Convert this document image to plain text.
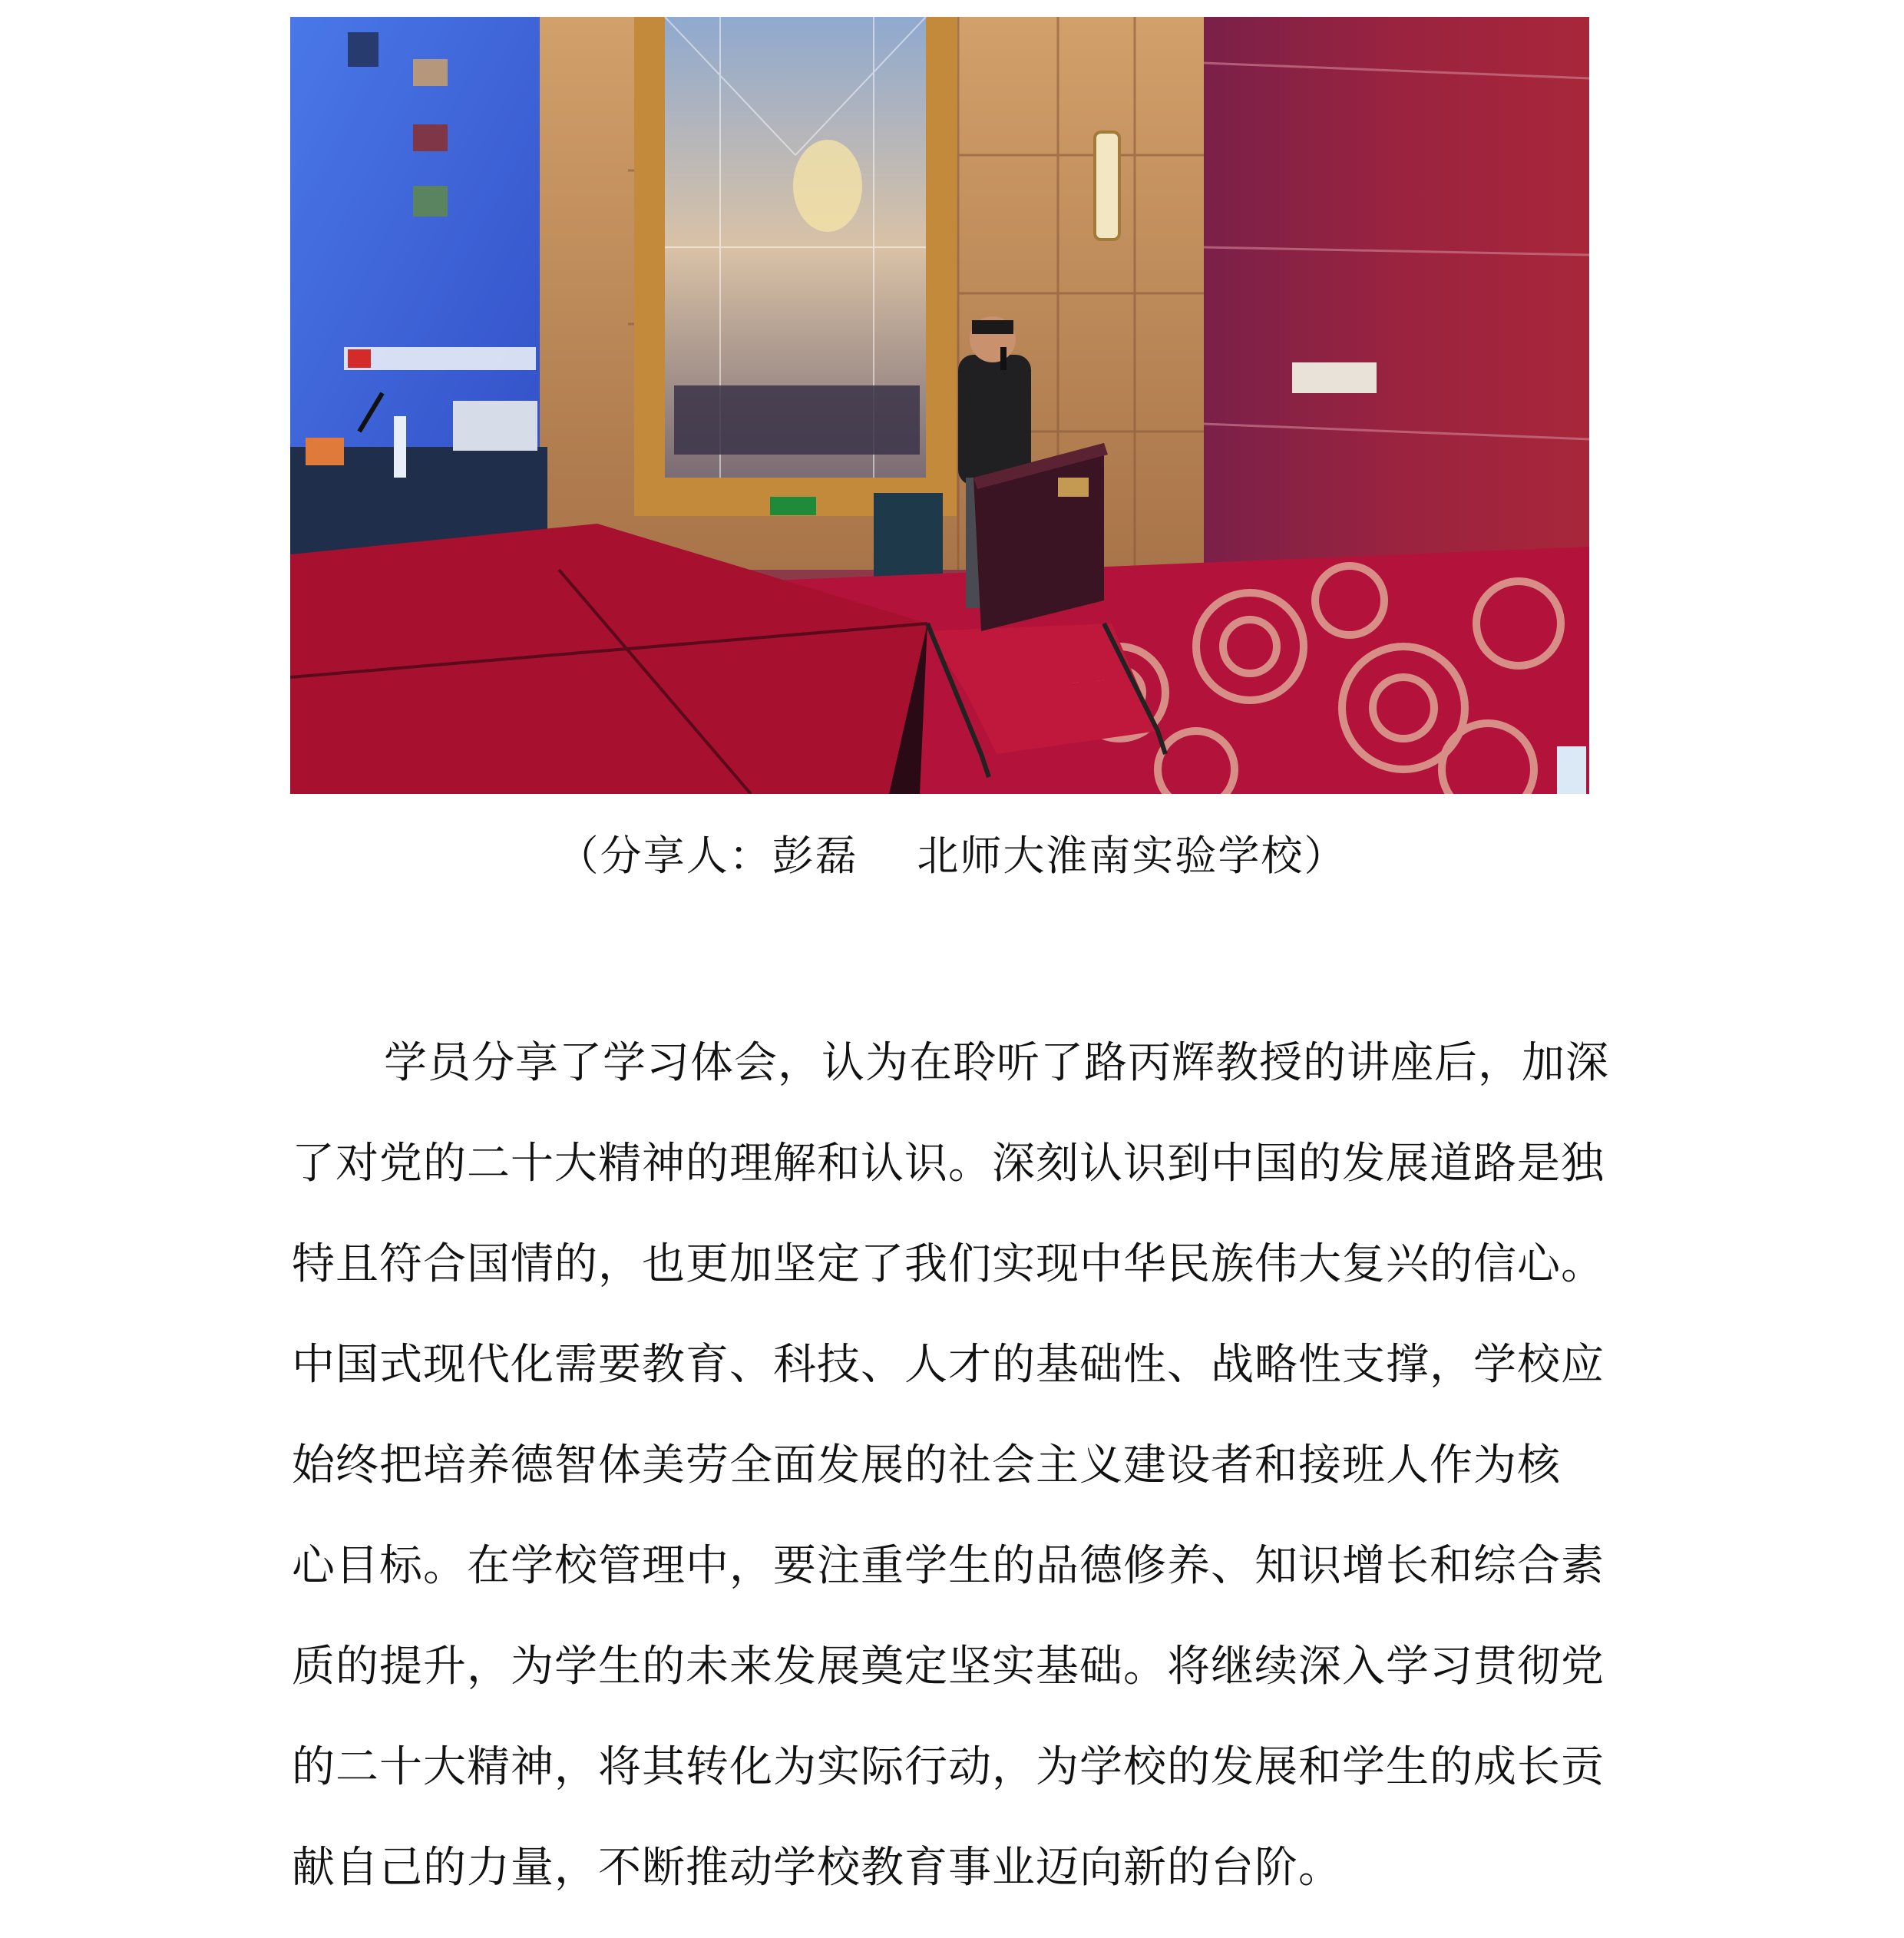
（分享人：彭磊    北师大淮南实验学校）
学员分享了学习体会，认为在聆听了路丙辉教授的讲座后，加深
了对党的二十大精神的理解和认识。深刻认识到中国的发展道路是独
特且符合国情的，也更加坚定了我们实现中华民族伟大复兴的信心。
中国式现代化需要教育、科技、人才的基础性、战略性支撑，学校应
始终把培养德智体美劳全面发展的社会主义建设者和接班人作为核
心目标。在学校管理中，要注重学生的品德修养、知识增长和综合素
质的提升，为学生的未来发展奠定坚实基础。将继续深入学习贯彻党
的二十大精神，将其转化为实际行动，为学校的发展和学生的成长贡
献自己的力量，不断推动学校教育事业迈向新的台阶。
